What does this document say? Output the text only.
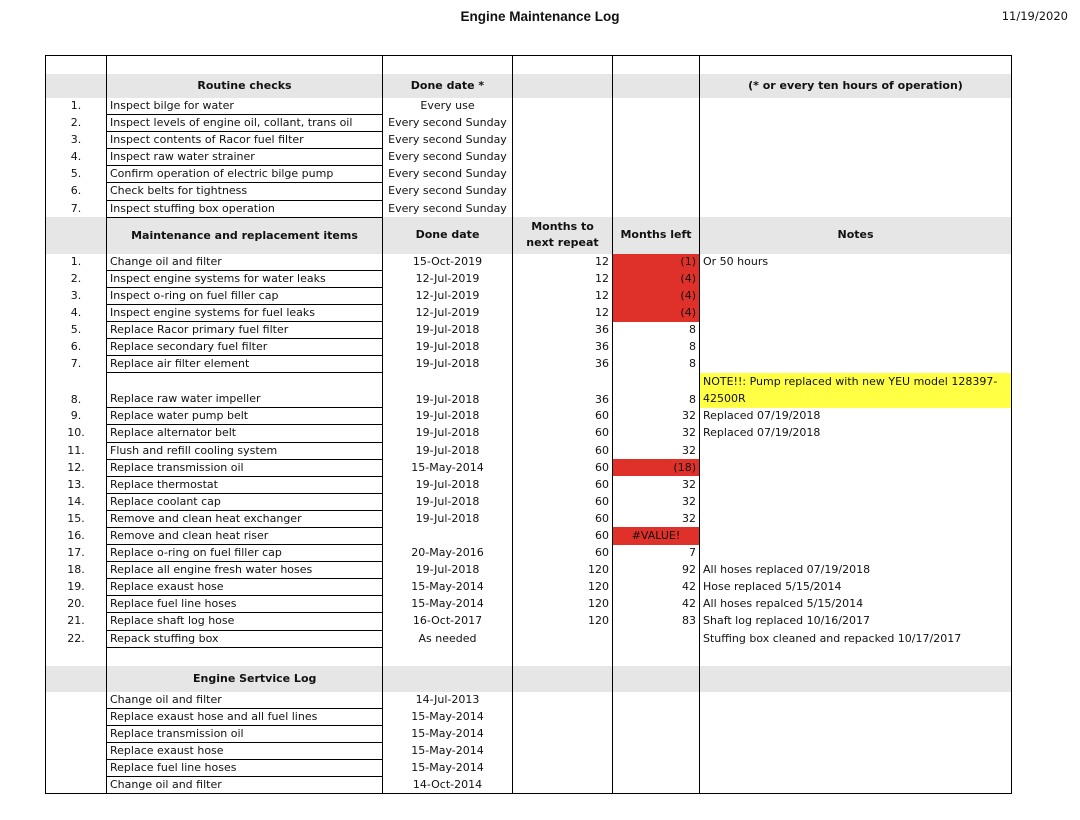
Engine Maintenance Log	11/19/2020

	Routine checks	Done date *			(* or every ten hours of operation)
1.	Inspect bilge for water	Every use			
2.	Inspect levels of engine oil, collant, trans oil	Every second Sunday			
3.	Inspect contents of Racor fuel filter	Every second Sunday			
4.	Inspect raw water strainer	Every second Sunday			
5.	Confirm operation of electric bilge pump	Every second Sunday			
6.	Check belts for tightness	Every second Sunday			
7.	Inspect stuffing box operation	Every second Sunday			
	Maintenance and replacement items	Done date	Months to next repeat	Months left	Notes
1.	Change oil and filter	15-Oct-2019	12	(1)	Or 50 hours
2.	Inspect engine systems for water leaks	12-Jul-2019	12	(4)	
3.	Inspect o-ring on fuel filler cap	12-Jul-2019	12	(4)	
4.	Inspect engine systems for fuel leaks	12-Jul-2019	12	(4)	
5.	Replace Racor primary fuel filter	19-Jul-2018	36	8	
6.	Replace secondary fuel filter	19-Jul-2018	36	8	
7.	Replace air filter element	19-Jul-2018	36	8	
8.	Replace raw water impeller	19-Jul-2018	36	8	NOTE!!: Pump replaced with new YEU model 128397-42500R
9.	Replace water pump belt	19-Jul-2018	60	32	Replaced 07/19/2018
10.	Replace alternator belt	19-Jul-2018	60	32	Replaced 07/19/2018
11.	Flush and refill cooling system	19-Jul-2018	60	32	
12.	Replace transmission oil	15-May-2014	60	(18)	
13.	Replace thermostat	19-Jul-2018	60	32	
14.	Replace coolant cap	19-Jul-2018	60	32	
15.	Remove and clean heat exchanger	19-Jul-2018	60	32	
16.	Remove and clean heat riser		60	#VALUE!	
17.	Replace o-ring on fuel filler cap	20-May-2016	60	7	
18.	Replace all engine fresh water hoses	19-Jul-2018	120	92	All hoses replaced 07/19/2018
19.	Replace exaust hose	15-May-2014	120	42	Hose replaced 5/15/2014
20.	Replace fuel line hoses	15-May-2014	120	42	All hoses repalced 5/15/2014
21.	Replace shaft log hose	16-Oct-2017	120	83	Shaft log replaced 10/16/2017
22.	Repack stuffing box	As needed			Stuffing box cleaned and repacked 10/17/2017

	Engine Sertvice Log				
	Change oil and filter	14-Jul-2013			
	Replace exaust hose and all fuel lines	15-May-2014			
	Replace transmission oil	15-May-2014			
	Replace exaust hose	15-May-2014			
	Replace fuel line hoses	15-May-2014			
	Change oil and filter	14-Oct-2014			
